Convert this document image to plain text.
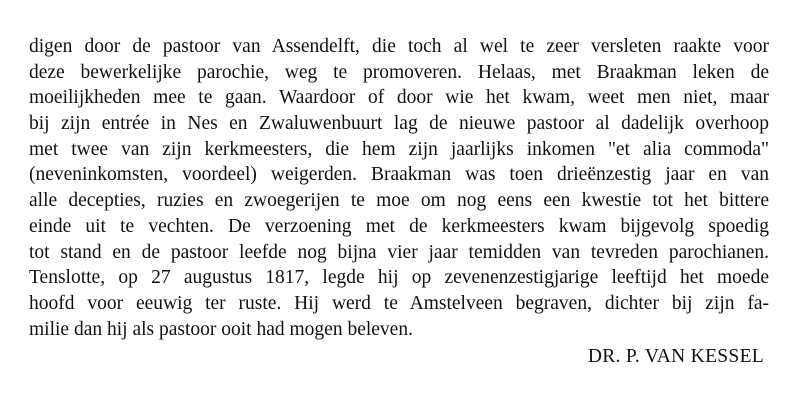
digen door de pastoor van Assendelft, die toch al wel te zeer versleten raakte voor
deze bewerkelijke parochie, weg te promoveren. Helaas, met Braakman leken de
moeilijkheden mee te gaan. Waardoor of door wie het kwam, weet men niet, maar
bij zijn entrée in Nes en Zwaluwenbuurt lag de nieuwe pastoor al dadelijk overhoop
met twee van zijn kerkmeesters, die hem zijn jaarlijks inkomen "et alia commoda"
(neveninkomsten, voordeel) weigerden. Braakman was toen drieënzestig jaar en van
alle decepties, ruzies en zwoegerijen te moe om nog eens een kwestie tot het bittere
einde uit te vechten. De verzoening met de kerkmeesters kwam bijgevolg spoedig
tot stand en de pastoor leefde nog bijna vier jaar temidden van tevreden parochianen.
Tenslotte, op 27 augustus 1817, legde hij op zevenenzestigjarige leeftijd het moede
hoofd voor eeuwig ter ruste. Hij werd te Amstelveen begraven, dichter bij zijn fa-
milie dan hij als pastoor ooit had mogen beleven.
DR. P. VAN KESSEL
